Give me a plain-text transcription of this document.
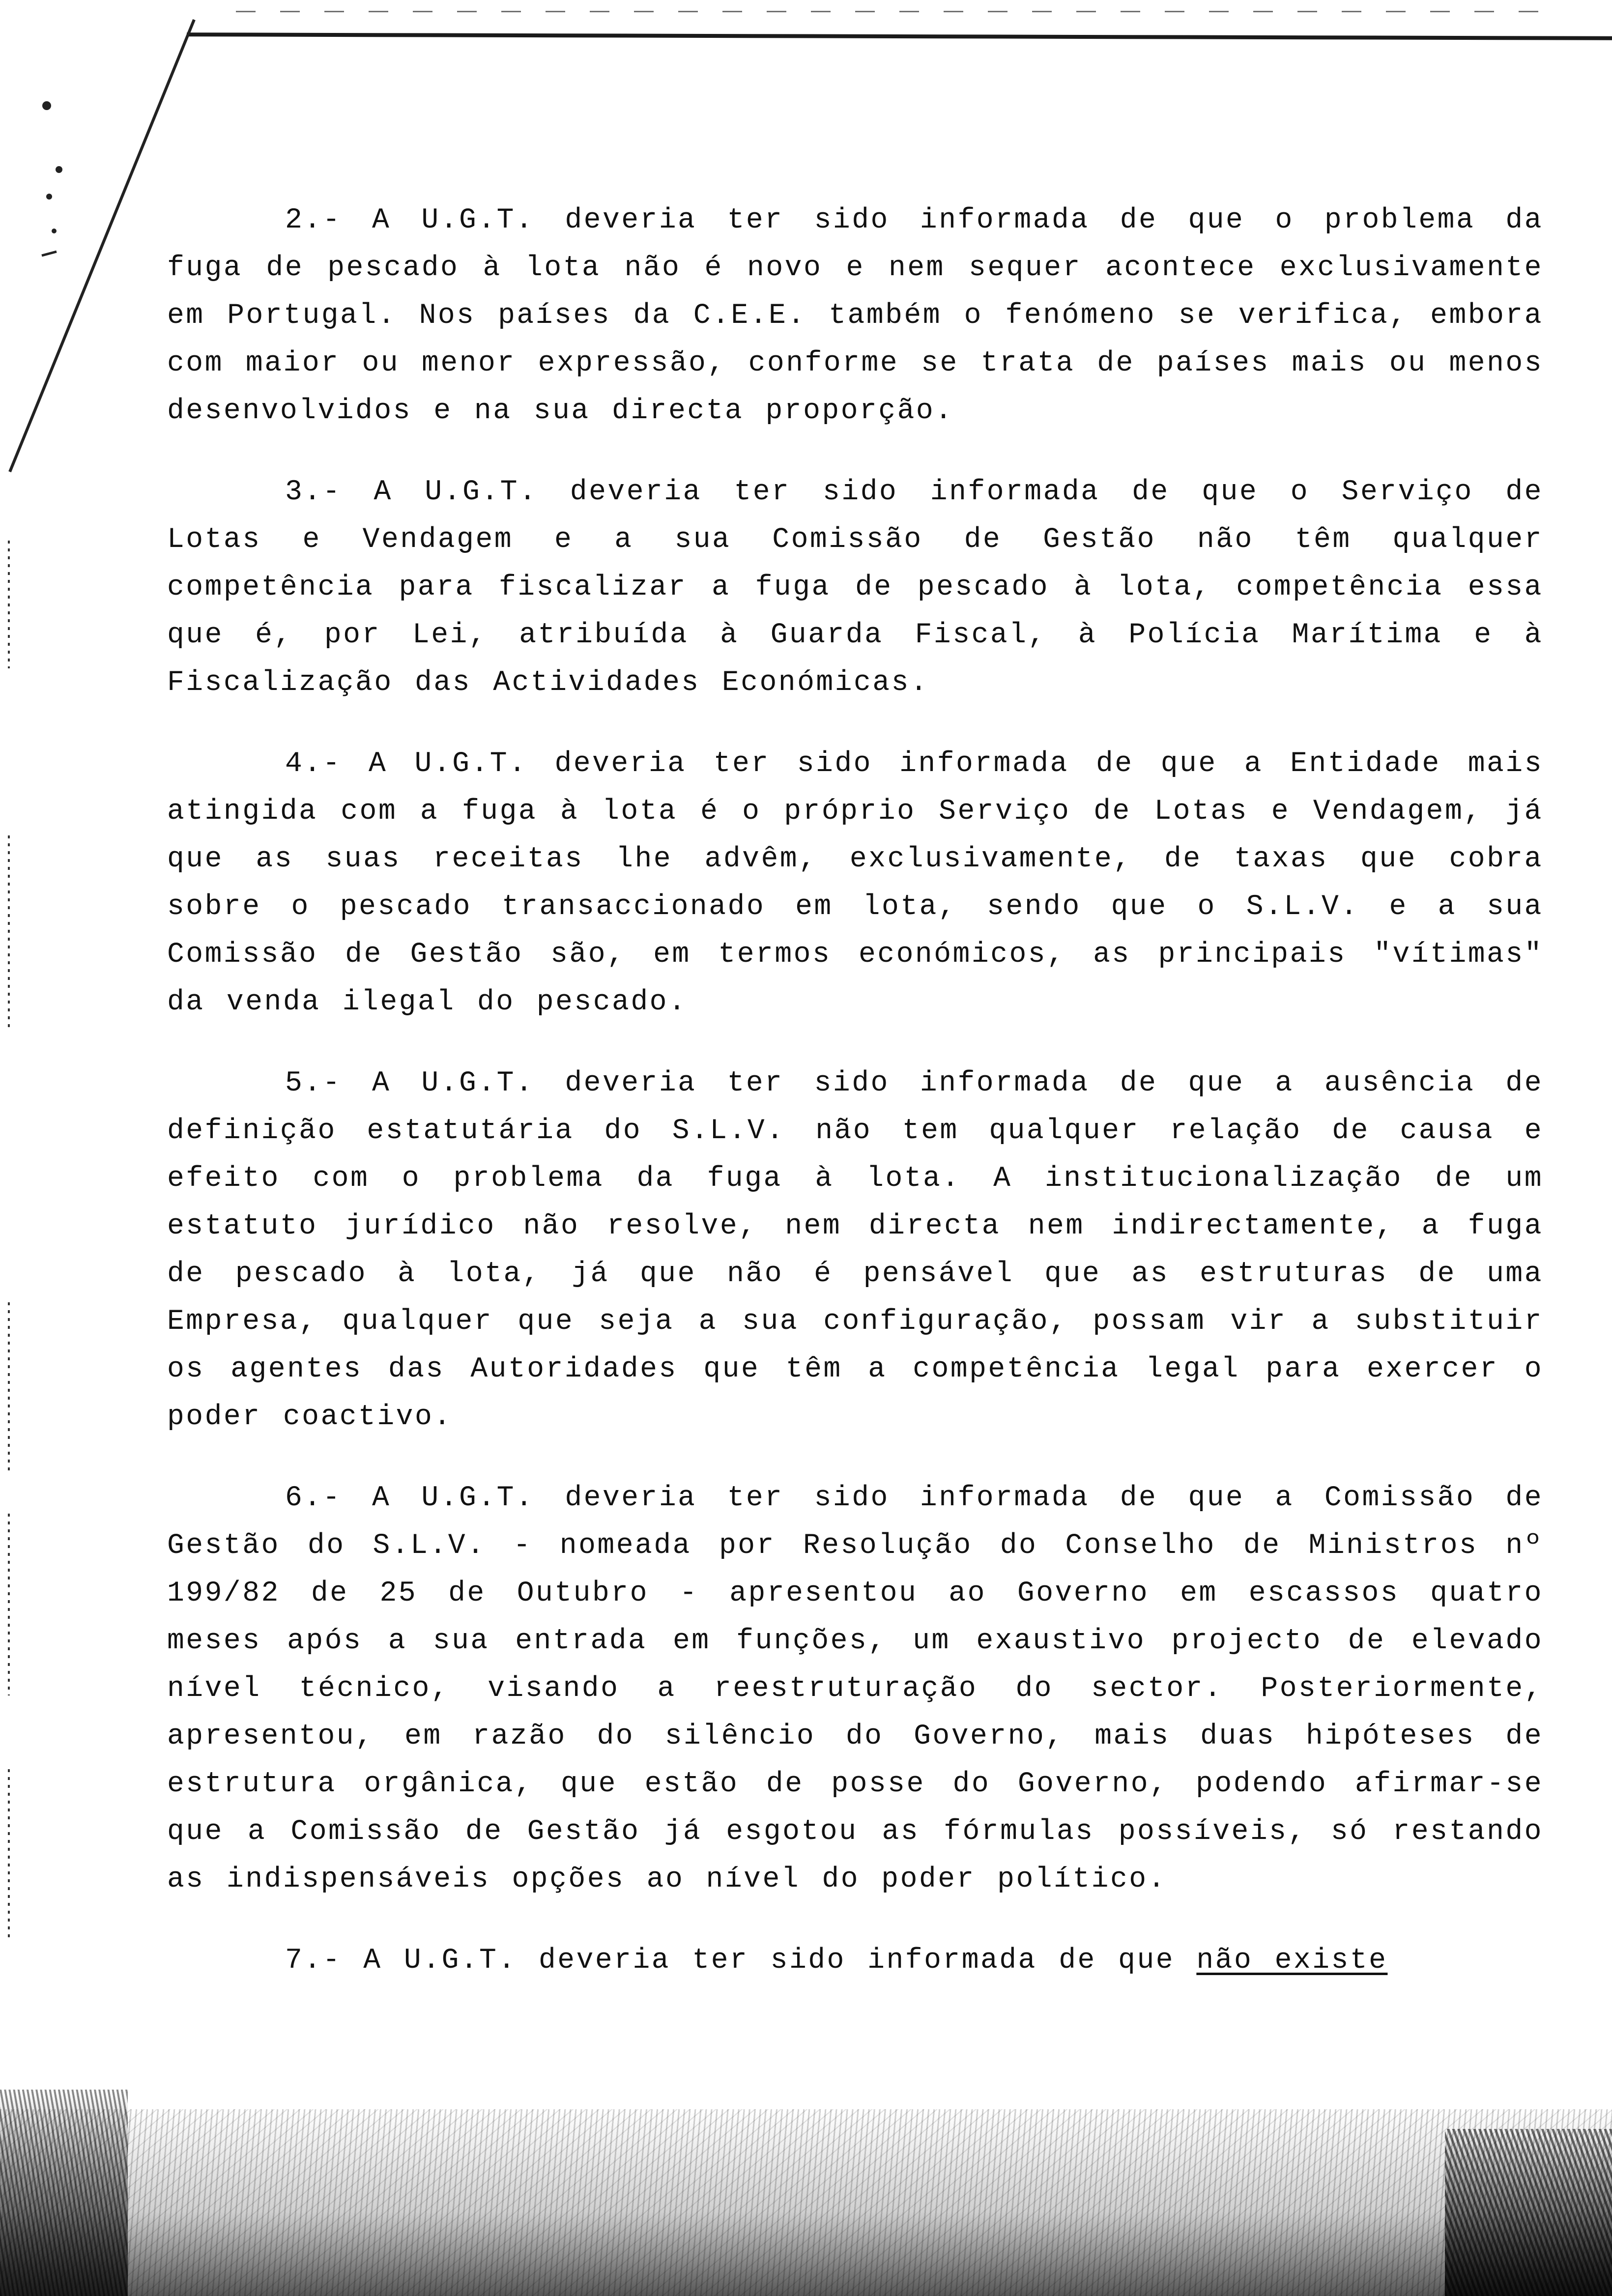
2.- A U.G.T. deveria ter sido informada de que o problema da fuga de pescado à lota não é novo e nem sequer acontece exclusivamente em Portugal. Nos países da C.E.E. também o fenómeno se verifica, embora com maior ou menor expressão, conforme se trata de países mais ou menos desenvolvidos e na sua directa proporção.

3.- A U.G.T. deveria ter sido informada de que o Serviço de Lotas e Vendagem e a sua Comissão de Gestão não têm qualquer competência para fiscalizar a fuga de pescado à lota, competência essa que é, por Lei, atribuída à Guarda Fiscal, à Polícia Marítima e à Fiscalização das Actividades Económicas.

4.- A U.G.T. deveria ter sido informada de que a Entidade mais atingida com a fuga à lota é o próprio Serviço de Lotas e Vendagem, já que as suas receitas lhe advêm, exclusivamente, de taxas que cobra sobre o pescado transaccionado em lota, sendo que o S.L.V. e a sua Comissão de Gestão são, em termos económicos, as principais "vítimas" da venda ilegal do pescado.

5.- A U.G.T. deveria ter sido informada de que a ausência de definição estatutária do S.L.V. não tem qualquer relação de causa e efeito com o problema da fuga à lota. A institucionalização de um estatuto jurídico não resolve, nem directa nem indirectamente, a fuga de pescado à lota, já que não é pensável que as estruturas de uma Empresa, qualquer que seja a sua configuração, possam vir a substituir os agentes das Autoridades que têm a competência legal para exercer o poder coactivo.

6.- A U.G.T. deveria ter sido informada de que a Comissão de Gestão do S.L.V. - nomeada por Resolução do Conselho de Ministros nº 199/82 de 25 de Outubro - apresentou ao Governo em escassos quatro meses após a sua entrada em funções, um exaustivo projecto de elevado nível técnico, visando a reestruturação do sector. Posteriormente, apresentou, em razão do silêncio do Governo, mais duas hipóteses de estrutura orgânica, que estão de posse do Governo, podendo afirmar-se que a Comissão de Gestão já esgotou as fórmulas possíveis, só restando as indispensáveis opções ao nível do poder político.

7.- A U.G.T. deveria ter sido informada de que não existe
